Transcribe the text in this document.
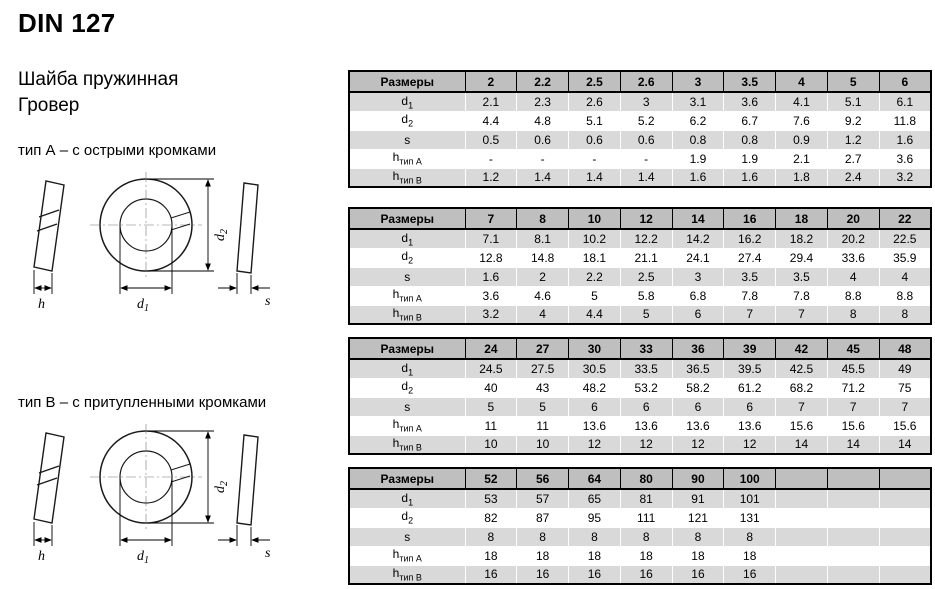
DIN 127
Шайба пружинная
Гровер
тип А – с острыми кромками
h	$d_1$
$d_2$
s
тип В – с притупленными кромками
h	$d_1$
$d_2$
s
Размеры	2	2.2	2.5	2.6	3	3.5	4	5	6
$d_1$	2.1	2.3	2.6	3	3.1	3.6	4.1	5.1	6.1
$d_2$	4.4	4.8	5.1	5.2	6.2	6.7	7.6	9.2	11.8
s	0.5	0.6	0.6	0.6	0.8	0.8	0.9	1.2	1.6
$h_{тип А}$	-	-	-	-	1.9	1.9	2.1	2.7	3.6
$h_{тип В}$	1.2	1.4	1.4	1.4	1.6	1.6	1.8	2.4	3.2
Размеры	7	8	10	12	14	16	18	20	22
$d_1$	7.1	8.1	10.2	12.2	14.2	16.2	18.2	20.2	22.5
$d_2$	12.8	14.8	18.1	21.1	24.1	27.4	29.4	33.6	35.9
s	1.6	2	2.2	2.5	3	3.5	3.5	4	4
$h_{тип А}$	3.6	4.6	5	5.8	6.8	7.8	7.8	8.8	8.8
$h_{тип В}$	3.2	4	4.4	5	6	7	7	8	8
Размеры	24	27	30	33	36	39	42	45	48
$d_1$	24.5	27.5	30.5	33.5	36.5	39.5	42.5	45.5	49
$d_2$	40	43	48.2	53.2	58.2	61.2	68.2	71.2	75
s	5	5	6	6	6	6	7	7	7
$h_{тип А}$	11	11	13.6	13.6	13.6	13.6	15.6	15.6	15.6
$h_{тип В}$	10	10	12	12	12	12	14	14	14
Размеры	52	56	64	80	90	100			
$d_1$	53	57	65	81	91	101			
$d_2$	82	87	95	111	121	131			
s	8	8	8	8	8	8			
$h_{тип А}$	18	18	18	18	18	18			
$h_{тип В}$	16	16	16	16	16	16			
